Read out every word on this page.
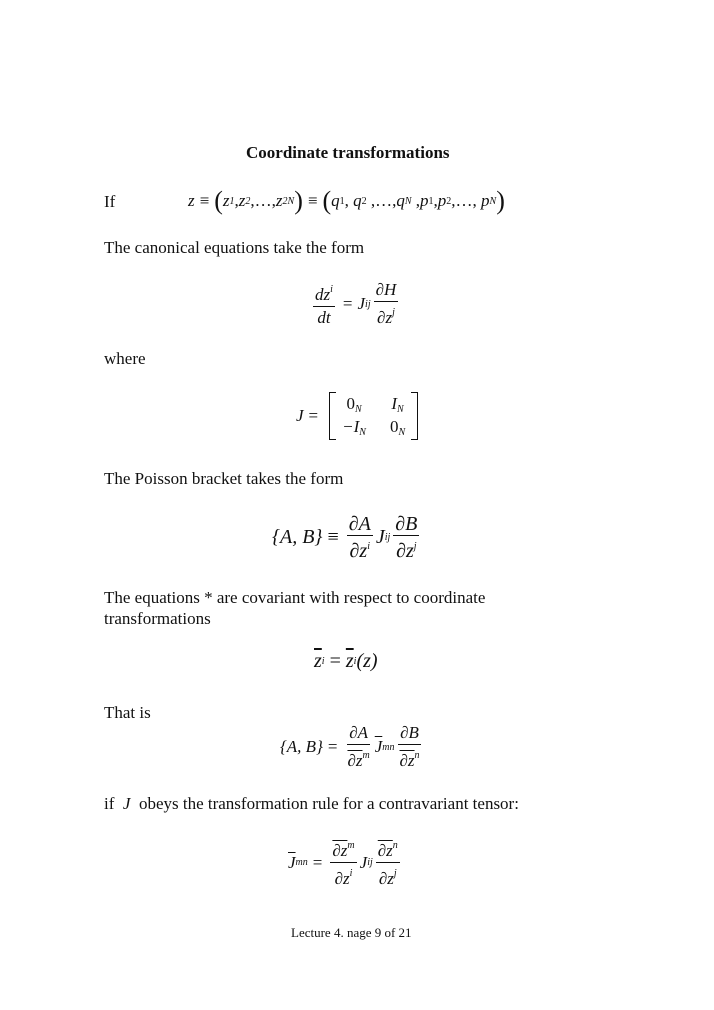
Coordinate transformations
If	z ≡ ( z 1 , z 2 ,…, z 2N ) ≡ ( q 1 , q 2 ,…, q N , p 1 , p 2 ,…, p N )
The canonical equations take the form
$\frac{dz^i}{dt} = J$ ij $\frac{\partial H}{\partial z^j}$
where
J =
$0_N$ $I_N$
$-I_N$ $0_N$
The Poisson bracket takes the form
{A, $B\} \equiv \frac{\partial A}{\partial z^i}$ J ij $\frac{\partial B}{\partial z^j}$
The equations * are covariant with respect to coordinate
transformations
$\overline{z}$ $i = \overline{z}$ i (z)
That is
{A, $B\} = \frac{\partial A}{\partial z^m} \overline{J}$ mn $\frac{\partial B}{\partial z^n}$
if J obeys the transformation rule for a contravariant tensor:
$\overline{J}$ mn = $\frac{\partial z^m}{\partial z^i}$ J ij $\frac{\partial z^n}{\partial z^j}$
Lecture 4. nage 9 of 21
